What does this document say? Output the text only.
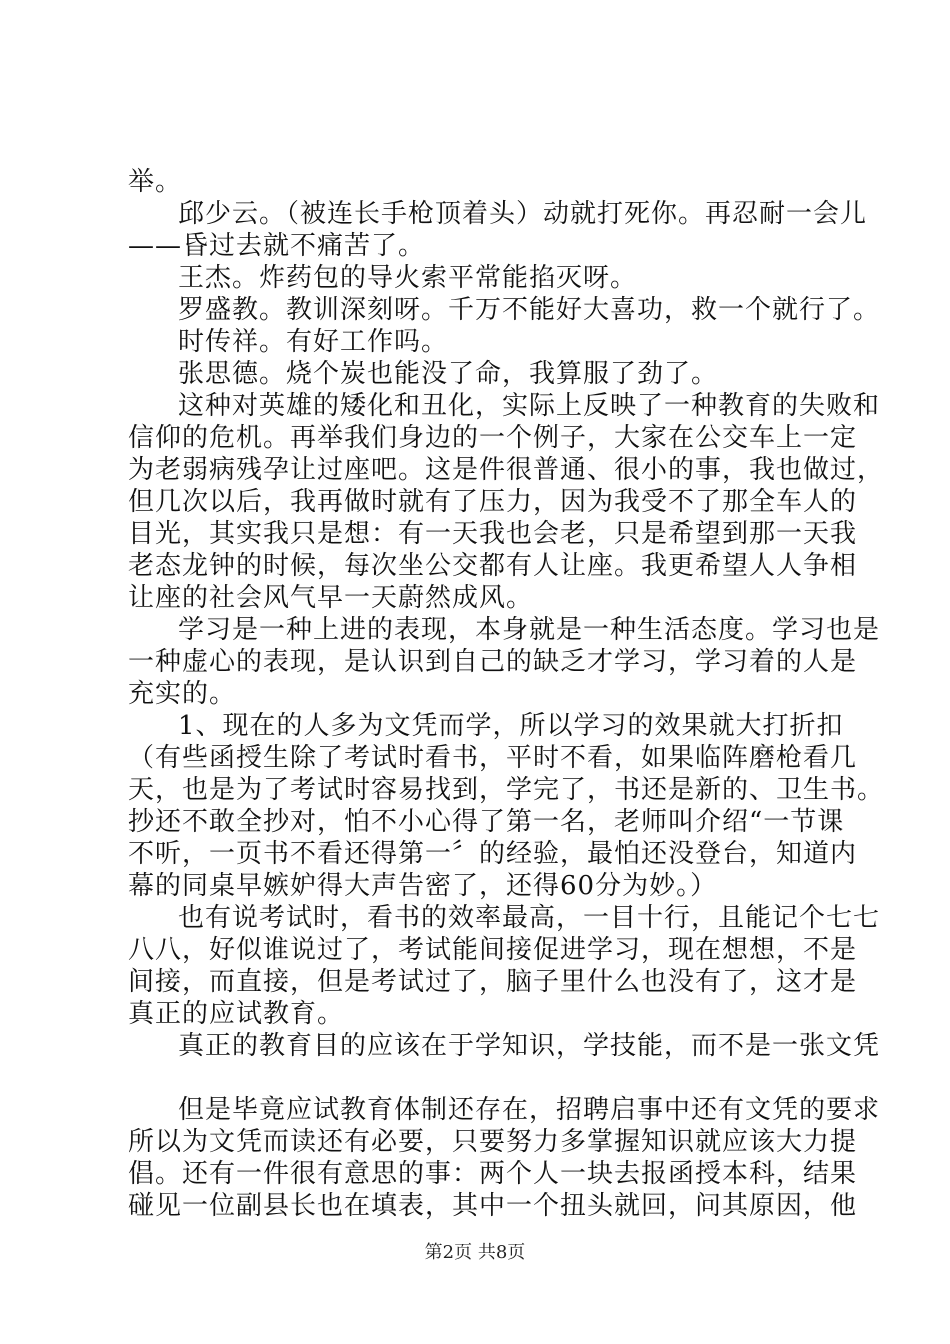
举。
邱少云。（被连长手枪顶着头）动就打死你。再忍耐一会儿
——昏过去就不痛苦了。
王杰。炸药包的导火索平常能掐灭呀。
罗盛教。教训深刻呀。千万不能好大喜功，救一个就行了。
时传祥。有好工作吗。
张思德。烧个炭也能没了命，我算服了劲了。
这种对英雄的矮化和丑化，实际上反映了一种教育的失败和
信仰的危机。再举我们身边的一个例子，大家在公交车上一定
为老弱病残孕让过座吧。这是件很普通、很小的事，我也做过，
但几次以后，我再做时就有了压力，因为我受不了那全车人的
目光，其实我只是想：有一天我也会老，只是希望到那一天我
老态龙钟的时候，每次坐公交都有人让座。我更希望人人争相
让座的社会风气早一天蔚然成风。
学习是一种上进的表现，本身就是一种生活态度。学习也是
一种虚心的表现，是认识到自己的缺乏才学习，学习着的人是
充实的。
1、现在的人多为文凭而学，所以学习的效果就大打折扣
（有些函授生除了考试时看书，平时不看，如果临阵磨枪看几
天，也是为了考试时容易找到，学完了，书还是新的、卫生书。
抄还不敢全抄对，怕不小心得了第一名，老师叫介绍“一节课
不听，一页书不看还得第一〞的经验，最怕还没登台，知道内
幕的同桌早嫉妒得大声告密了，还得60分为妙。）
也有说考试时，看书的效率最高，一目十行，且能记个七七
八八，好似谁说过了，考试能间接促进学习，现在想想，不是
间接，而直接，但是考试过了，脑子里什么也没有了，这才是
真正的应试教育。
真正的教育目的应该在于学知识，学技能，而不是一张文凭
但是毕竟应试教育体制还存在，招聘启事中还有文凭的要求
所以为文凭而读还有必要，只要努力多掌握知识就应该大力提
倡。还有一件很有意思的事：两个人一块去报函授本科，结果
碰见一位副县长也在填表，其中一个扭头就回，问其原因，他
第2页 共8页
